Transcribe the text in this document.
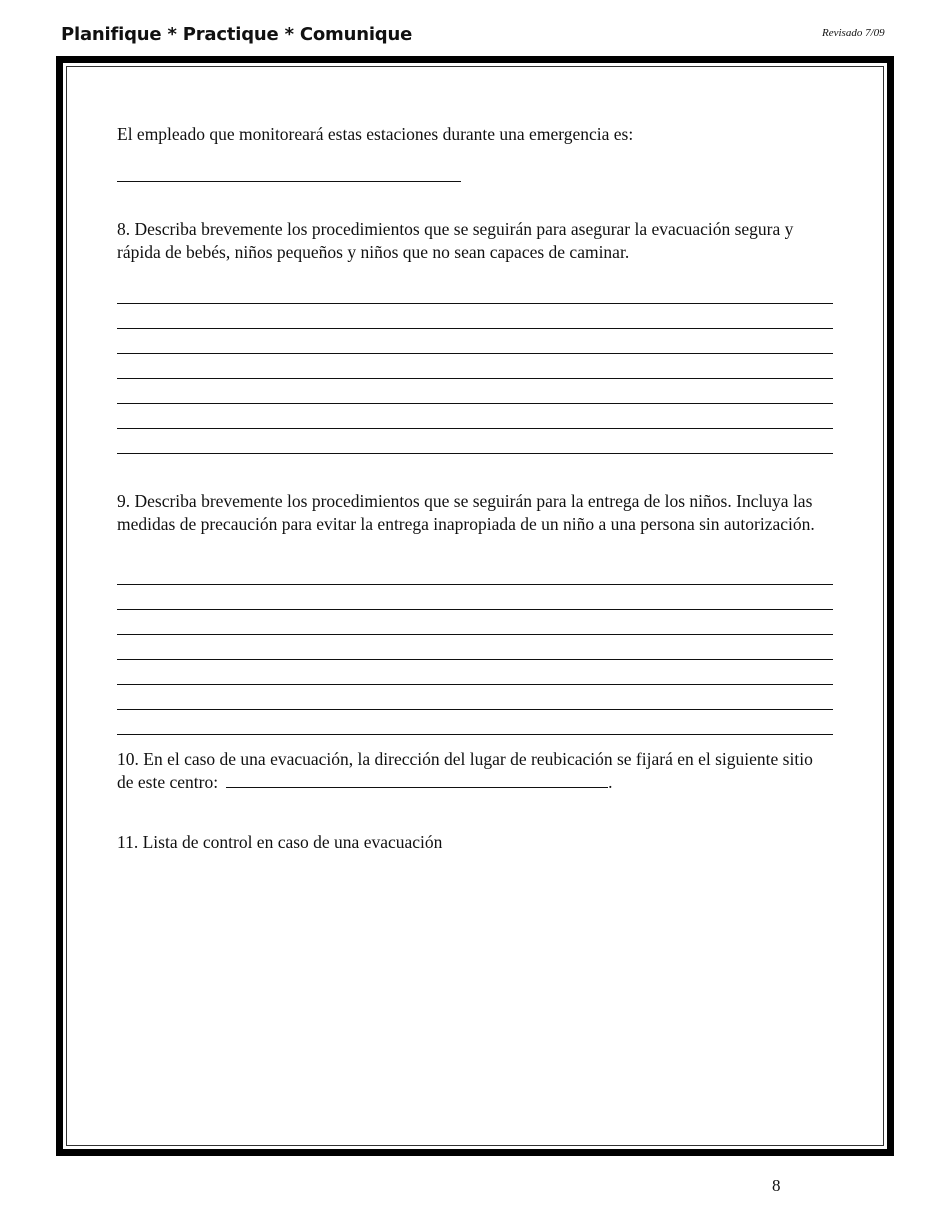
Planifique * Practique * Comunique	Revisado 7/09
El empleado que monitoreará estas estaciones durante una emergencia es:
8. Describa brevemente los procedimientos que se seguirán para asegurar la evacuación segura y rápida de bebés, niños pequeños y niños que no sean capaces de caminar.
9. Describa brevemente los procedimientos que se seguirán para la entrega de los niños. Incluya las medidas de precaución para evitar la entrega inapropiada de un niño a una persona sin autorización.
10. En el caso de una evacuación, la dirección del lugar de reubicación se fijará en el siguiente sitio de este centro:	.
11. Lista de control en caso de una evacuación
8
